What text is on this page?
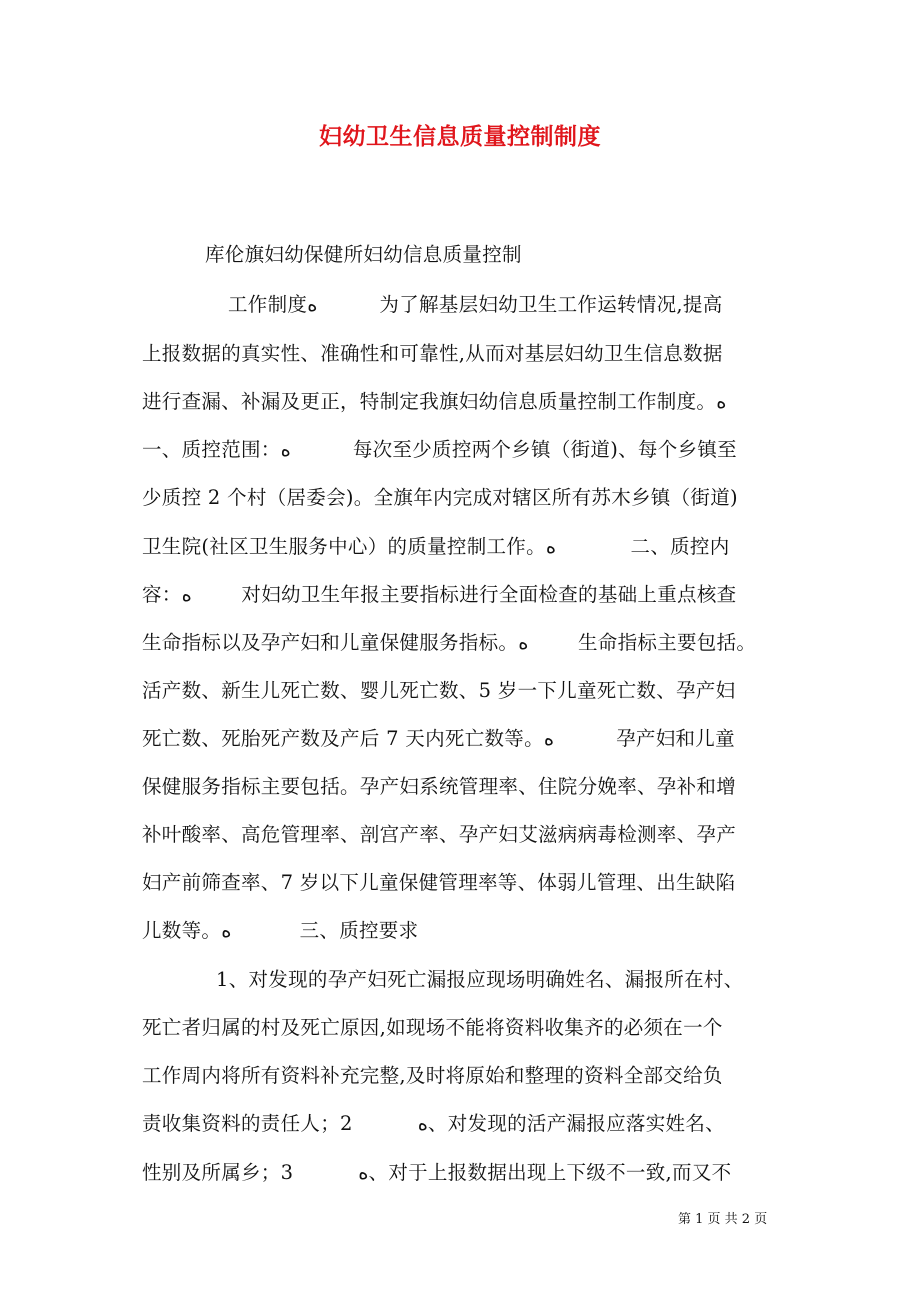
妇幼卫生信息质量控制制度
库伦旗妇幼保健所妇幼信息质量控制
工作制度ﻩ          为了解基层妇幼卫生工作运转情况,提高
上报数据的真实性、准确性和可靠性,从而对基层妇幼卫生信息数据
进行查漏、补漏及更正，特制定我旗妇幼信息质量控制工作制度。ﻩ
一、质控范围：ﻩ          每次至少质控两个乡镇（街道)、每个乡镇至
少质控 2 个村（居委会)。全旗年内完成对辖区所有苏木乡镇（街道)
卫生院(社区卫生服务中心）的质量控制工作。ﻩ            二、质控内
容：ﻩ        对妇幼卫生年报主要指标进行全面检查的基础上重点核查
生命指标以及孕产妇和儿童保健服务指标。ﻩ        生命指标主要包括。
活产数、新生儿死亡数、婴儿死亡数、5 岁一下儿童死亡数、孕产妇
死亡数、死胎死产数及产后 7 天内死亡数等。ﻩ          孕产妇和儿童
保健服务指标主要包括。孕产妇系统管理率、住院分娩率、孕补和增
补叶酸率、高危管理率、剖宫产率、孕产妇艾滋病病毒检测率、孕产
妇产前筛查率、7 岁以下儿童保健管理率等、体弱儿管理、出生缺陷
儿数等。ﻩ           三、质控要求
1、对发现的孕产妇死亡漏报应现场明确姓名、漏报所在村、
死亡者归属的村及死亡原因,如现场不能将资料收集齐的必须在一个
工作周内将所有资料补充完整,及时将原始和整理的资料全部交给负
责收集资料的责任人；2          ﻩ、对发现的活产漏报应落实姓名、
性别及所属乡；3          ﻩ、对于上报数据出现上下级不一致,而又不
第 1 页 共 2 页
